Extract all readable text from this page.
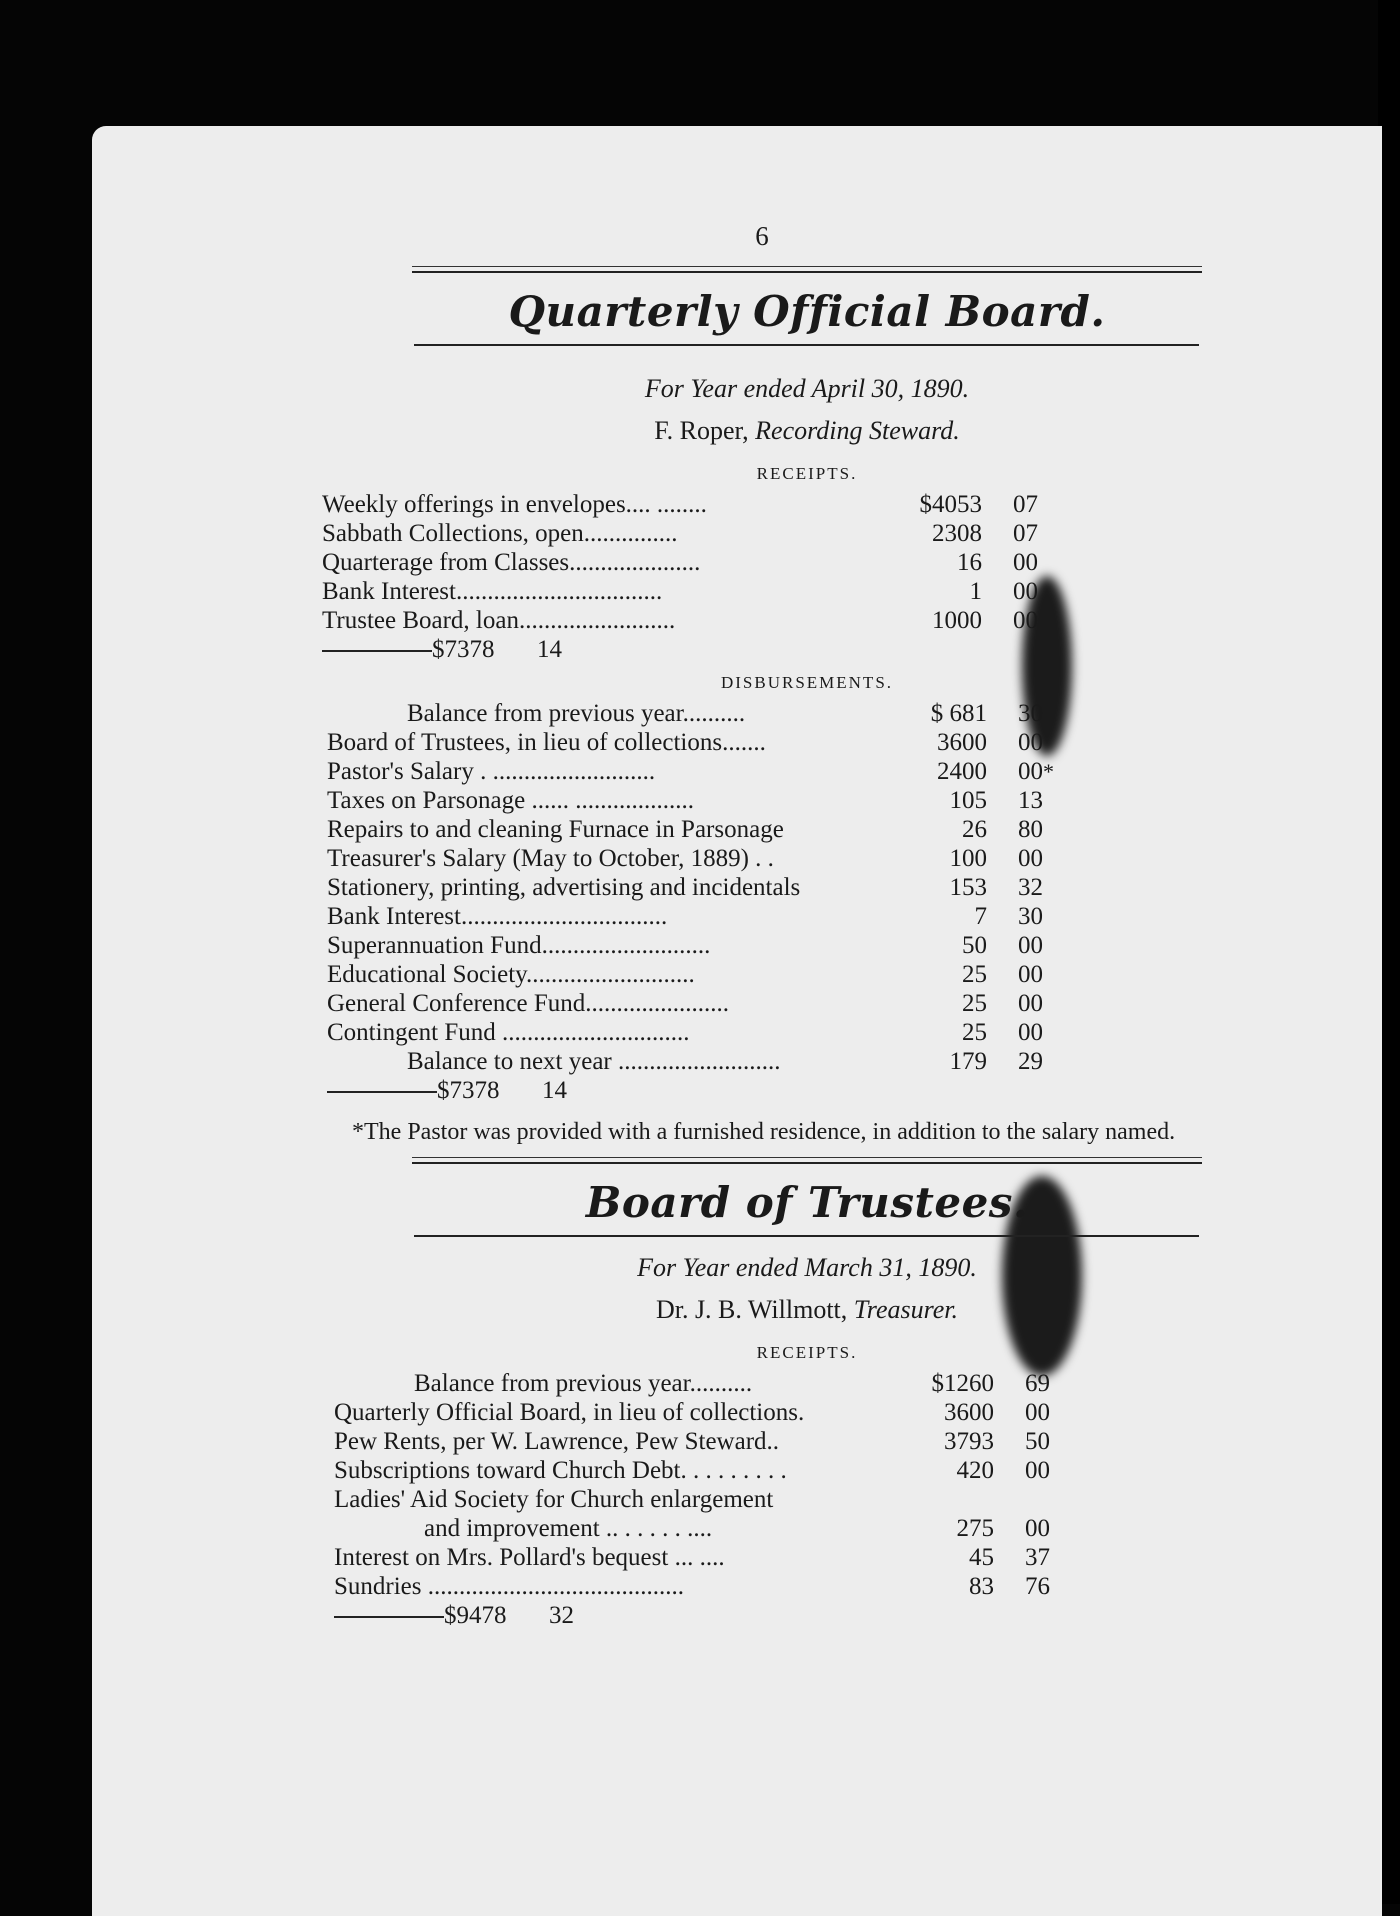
6
Quarterly Official Board.
For Year ended April 30, 1890.
F. Roper, Recording Steward.
RECEIPTS.
Weekly offerings in envelopes.... ........	$4053	07
Sabbath Collections, open...............	2308	07
Quarterage from Classes.....................	16	00
Bank Interest.................................	1	00
Trustee Board, loan.........................	1000	00
$7378	14
DISBURSEMENTS.
Balance from previous year..........	$ 681	30
Board of Trustees, in lieu of collections.......	3600	00
Pastor's Salary . ..........................	2400	00 *
Taxes on Parsonage ...... ...................	105	13
Repairs to and cleaning Furnace in Parsonage	26	80
Treasurer's Salary (May to October, 1889) . .	100	00
Stationery, printing, advertising and incidentals	153	32
Bank Interest.................................	7	30
Superannuation Fund...........................	50	00
Educational Society...........................	25	00
General Conference Fund.......................	25	00
Contingent Fund ..............................	25	00
Balance to next year ..........................	179	29
$7378	14
*The Pastor was provided with a furnished residence, in addition to the salary named.
Board of Trustees.
For Year ended March 31, 1890.
Dr. J. B. Willmott, Treasurer.
RECEIPTS.
Balance from previous year..........	$1260	69
Quarterly Official Board, in lieu of collections.	3600	00
Pew Rents, per W. Lawrence, Pew Steward..	3793	50
Subscriptions toward Church Debt. . . . . . . . .	420	00
Ladies' Aid Society for Church enlargement
and improvement .. . . . . . ....	275	00
Interest on Mrs. Pollard's bequest ... ....	45	37
Sundries .........................................	83	76
$9478	32
